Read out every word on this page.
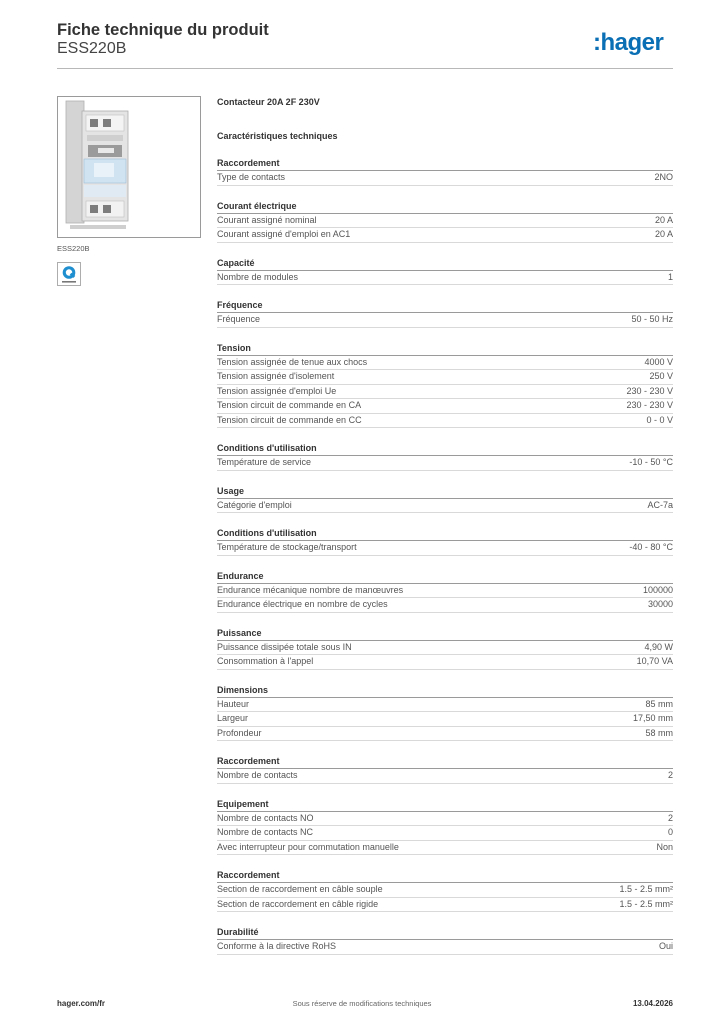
Fiche technique du produit
ESS220B	:hager
ESS220B
Contacteur 20A 2F 230V
Caractéristiques techniques
Raccordement
Type de contacts	2NO
Courant électrique
Courant assigné nominal	20 A
Courant assigné d'emploi en AC1	20 A
Capacité
Nombre de modules	1
Fréquence
Fréquence	50 - 50 Hz
Tension
Tension assignée de tenue aux chocs	4000 V
Tension assignée d'isolement	250 V
Tension assignée d'emploi Ue	230 - 230 V
Tension circuit de commande en CA	230 - 230 V
Tension circuit de commande en CC	0 - 0 V
Conditions d'utilisation
Température de service	-10 - 50 °C
Usage
Catégorie d'emploi	AC-7a
Conditions d'utilisation
Température de stockage/transport	-40 - 80 °C
Endurance
Endurance mécanique nombre de manœuvres	100000
Endurance électrique en nombre de cycles	30000
Puissance
Puissance dissipée totale sous IN	4,90 W
Consommation à l'appel	10,70 VA
Dimensions
Hauteur	85 mm
Largeur	17,50 mm
Profondeur	58 mm
Raccordement
Nombre de contacts	2
Equipement
Nombre de contacts NO	2
Nombre de contacts NC	0
Avec interrupteur pour commutation manuelle	Non
Raccordement
Section de raccordement en câble souple	1.5 - 2.5 mm²
Section de raccordement en câble rigide	1.5 - 2.5 mm²
Durabilité
Conforme à la directive RoHS	Oui
hager.com/fr	Sous réserve de modifications techniques	13.04.2026
